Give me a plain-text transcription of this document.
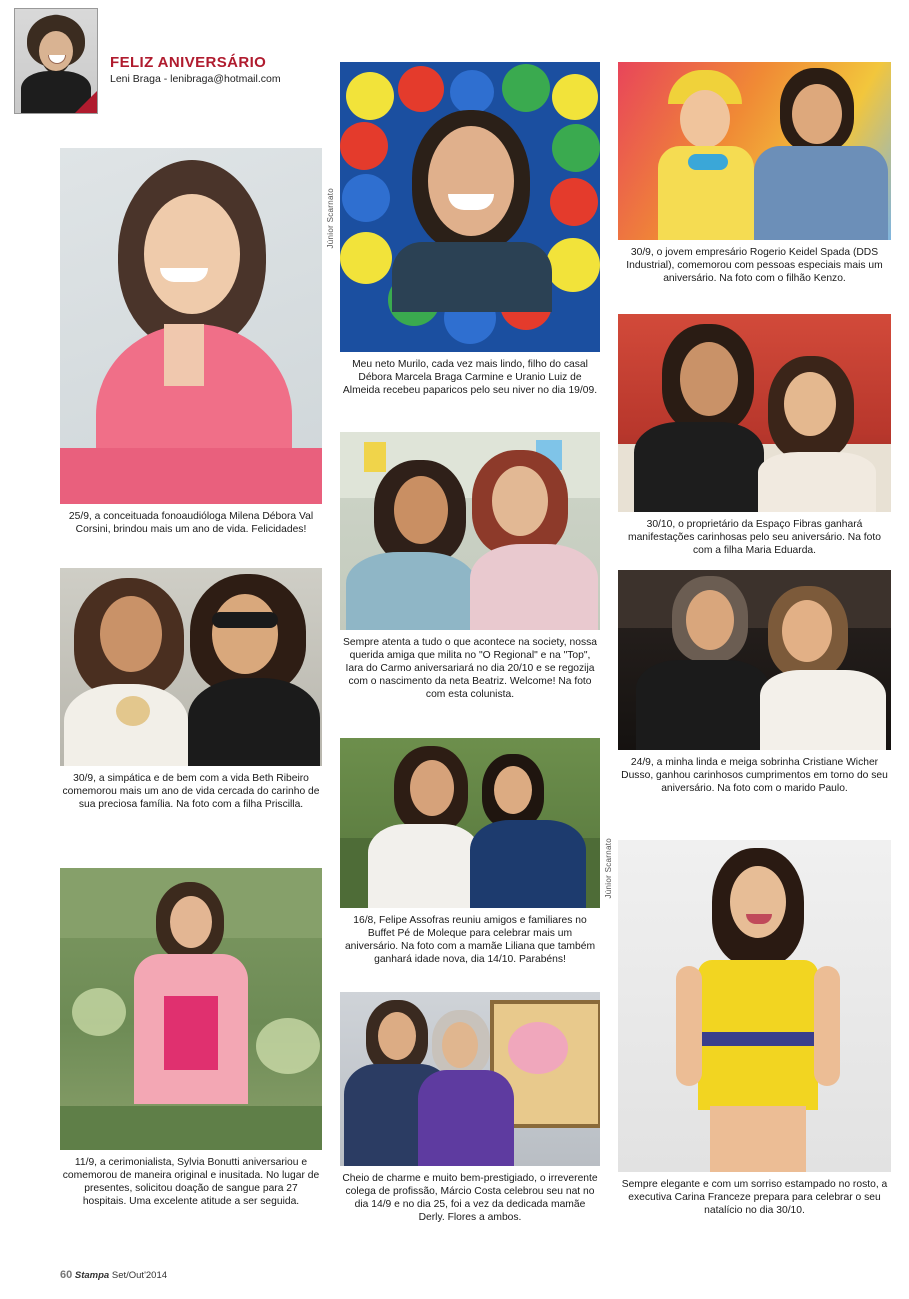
FELIZ ANIVERSÁRIO
Leni Braga - lenibraga@hotmail.com
25/9, a conceituada fonoaudióloga Milena Débora Val Corsini, brindou mais um ano de vida. Felicidades!
Júnior Scarnato
30/9, a simpática e de bem com a vida Beth Ribeiro comemorou mais um ano de vida cercada do carinho de sua preciosa família. Na foto com a filha Priscilla.
11/9, a cerimonialista, Sylvia Bonutti aniversariou e comemorou de maneira original e inusitada. No lugar de presentes, solicitou doação de sangue para 27 hospitais. Uma excelente atitude a ser seguida.
Meu neto Murilo, cada vez mais lindo, filho do casal Débora Marcela Braga Carmine e Uranio Luiz de Almeida recebeu paparicos pelo seu niver no dia 19/09.
Sempre atenta a tudo o que acontece na society, nossa querida amiga que milita no "O Regional" e na "Top", Iara do Carmo aniversariará no dia 20/10 e se regozija com o nascimento da neta Beatriz. Welcome! Na foto com esta colunista.
16/8, Felipe Assofras reuniu amigos e familiares no Buffet Pé de Moleque para celebrar mais um aniversário. Na foto com a mamãe Liliana que também ganhará idade nova, dia 14/10. Parabéns!
Cheio de charme e muito bem-prestigiado, o irreverente colega de profissão, Márcio Costa celebrou seu nat no dia 14/9 e no dia 25, foi a vez da dedicada mamãe Derly. Flores a ambos.
30/9, o jovem empresário Rogerio Keidel Spada (DDS Industrial), comemorou com pessoas especiais mais um aniversário. Na foto com o filhão Kenzo.
30/10, o proprietário da Espaço Fibras ganhará manifestações carinhosas pelo seu aniversário. Na foto com a filha Maria Eduarda.
24/9, a minha linda e meiga sobrinha Cristiane Wicher Dusso, ganhou carinhosos cumprimentos em torno do seu aniversário. Na foto com o marido Paulo.
Sempre elegante e com um sorriso estampado no rosto, a executiva Carina Franceze prepara para celebrar o seu natalício no dia 30/10.
Júnior Scarnato
60 Stampa Set/Out'2014
